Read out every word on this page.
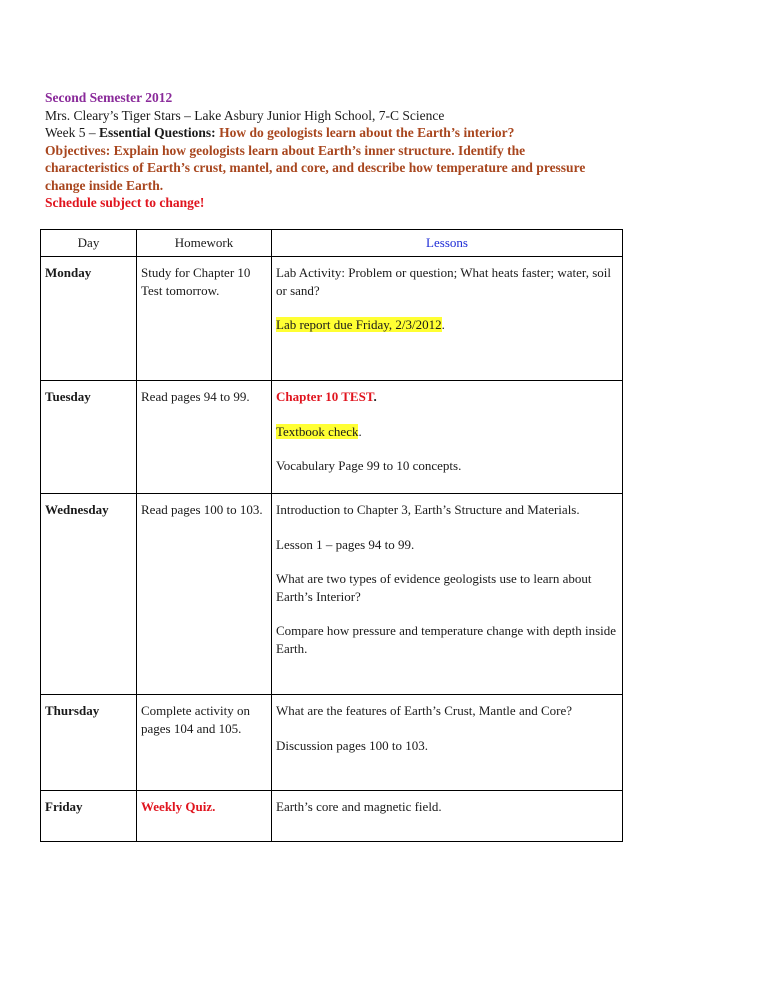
Second Semester 2012
Mrs. Cleary’s Tiger Stars – Lake Asbury Junior High School, 7-C Science
Week 5 – Essential Questions: How do geologists learn about the Earth’s interior?
Objectives: Explain how geologists learn about Earth’s inner structure. Identify the characteristics of Earth’s crust, mantel, and core, and describe how temperature and pressure change inside Earth.
Schedule subject to change!
Day	Homework	Lessons
Monday	Study for Chapter 10 Test tomorrow.	Lab Activity: Problem or question; What heats faster; water, soil or sand?

Lab report due Friday, 2/3/2012.

Tuesday	Read pages 94 to 99.	Chapter 10 TEST.

Textbook check.

Vocabulary Page 99 to 10 concepts.

Wednesday	Read pages 100 to 103.	Introduction to Chapter 3, Earth’s Structure and Materials.

Lesson 1 – pages 94 to 99.

What are two types of evidence geologists use to learn about Earth’s Interior?

Compare how pressure and temperature change with depth inside Earth.

Thursday	Complete activity on pages 104 and 105.	What are the features of Earth’s Crust, Mantle and Core?

Discussion pages 100 to 103.

Friday	Weekly Quiz.	Earth’s core and magnetic field.
